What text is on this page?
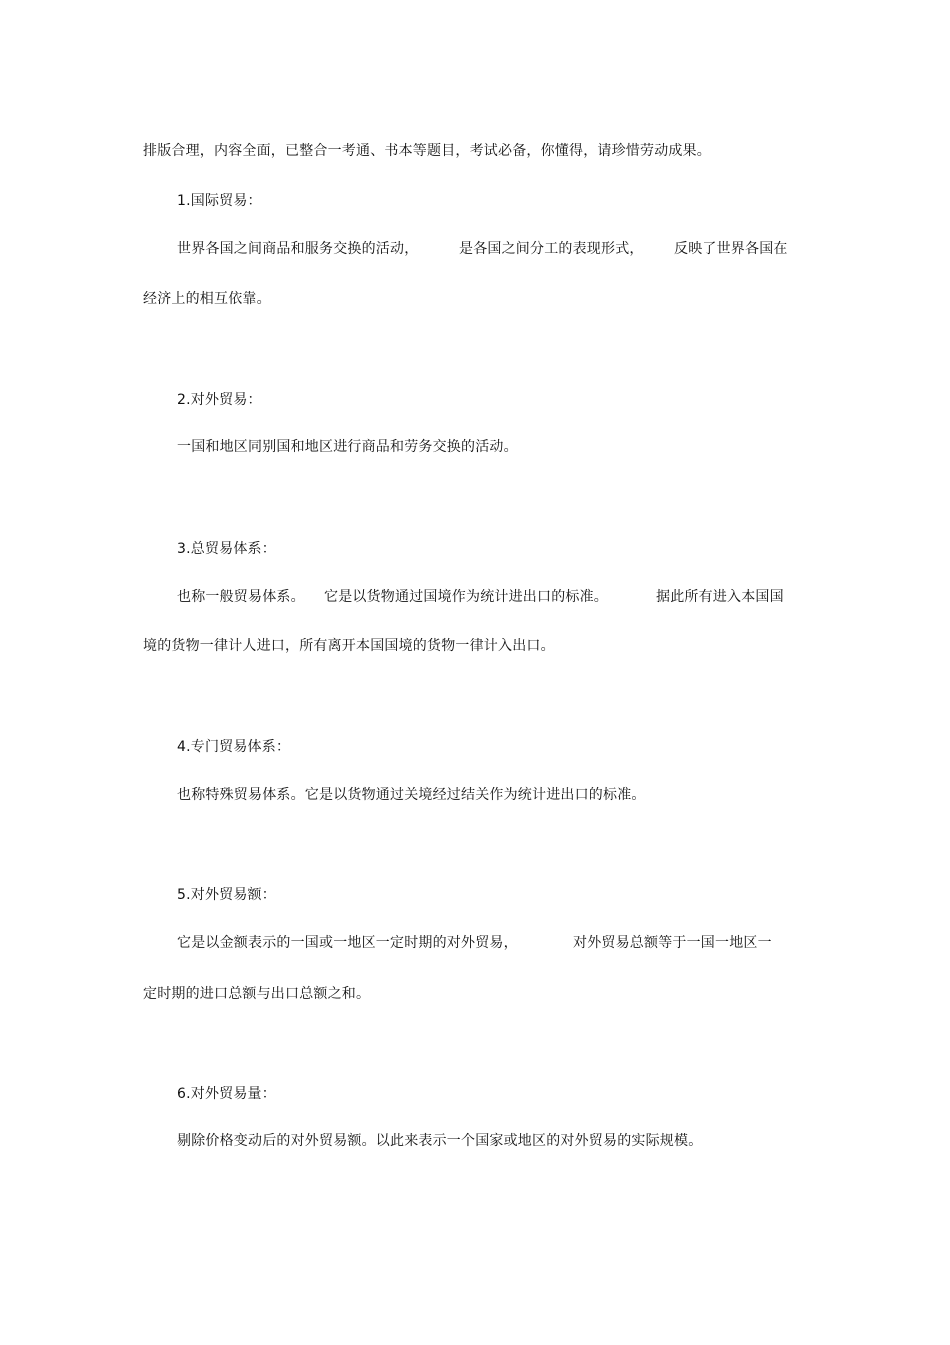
排版合理，内容全面，已整合一考通、书本等题目，考试必备，你懂得，请珍惜劳动成果。
1.国际贸易：
世界各国之间商品和服务交换的活动，	是各国之间分工的表现形式， 反映了世界各国在
经济上的相互依靠。
2.对外贸易：
一国和地区同别国和地区进行商品和劳务交换的活动。
3.总贸易体系：
也称一般贸易体系。 它是以货物通过国境作为统计进出口的标准。	据此所有进入本国国
境的货物一律计人进口，所有离开本国国境的货物一律计入出口。
4.专门贸易体系：
也称特殊贸易体系。它是以货物通过关境经过结关作为统计进出口的标准。
5.对外贸易额：
它是以金额表示的一国或一地区一定时期的对外贸易，	对外贸易总额等于一国一地区一
定时期的进口总额与出口总额之和。
6.对外贸易量：
剔除价格变动后的对外贸易额。以此来表示一个国家或地区的对外贸易的实际规模。
